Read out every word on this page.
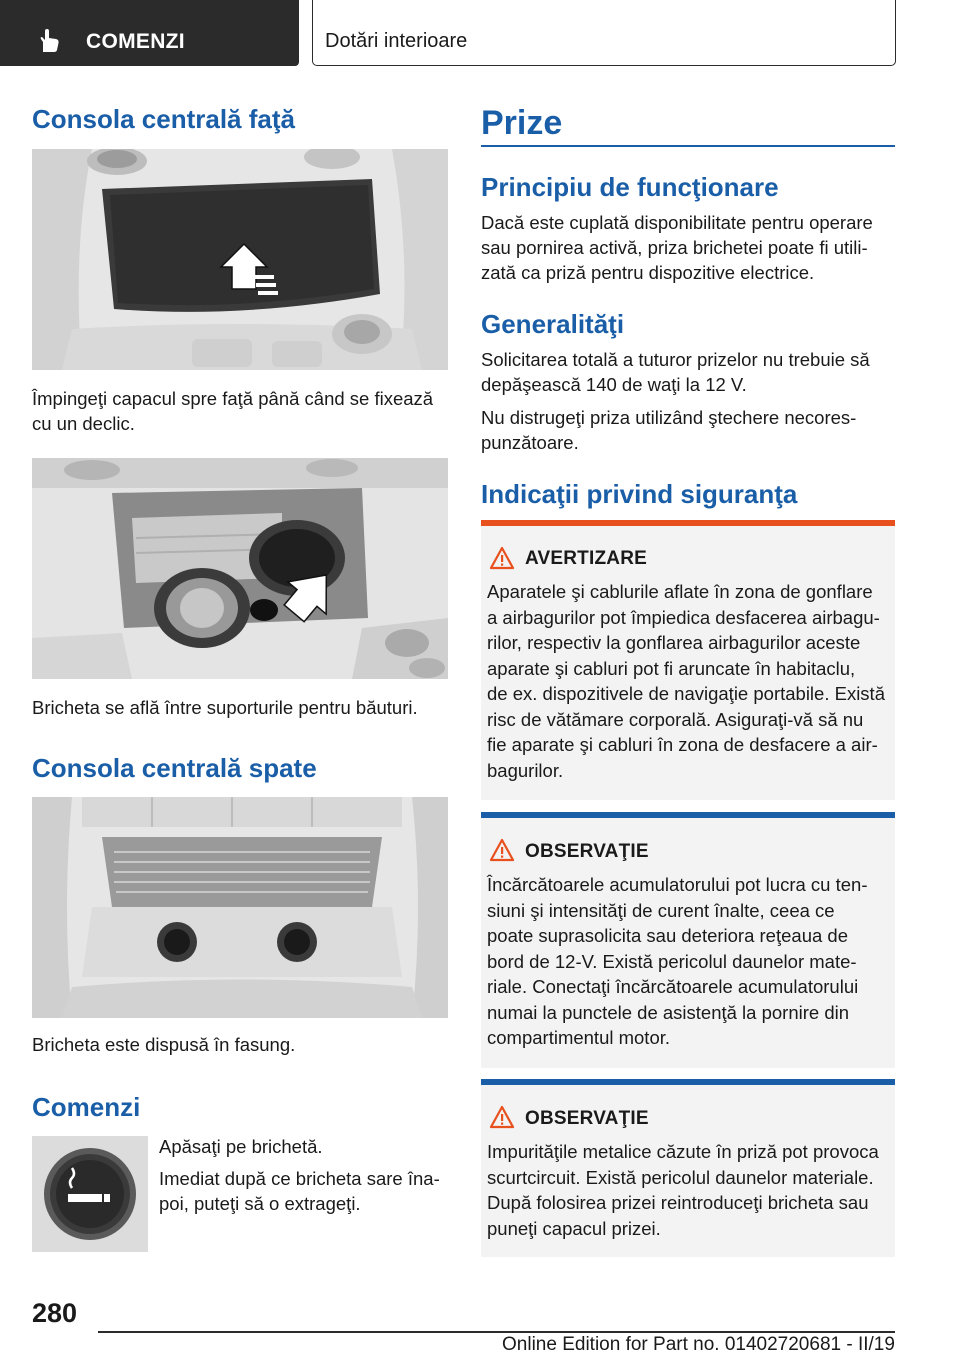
COMENZI	Dotări interioare
Consola centrală faţă
Împingeţi capacul spre faţă până când se fixează
cu un declic.
Bricheta se află între suporturile pentru băuturi.
Consola centrală spate
Bricheta este dispusă în fasung.
Comenzi
Apăsaţi pe brichetă.
Imediat după ce bricheta sare îna‐
poi, puteţi să o extrageţi.
Prize
Principiu de funcţionare
Dacă este cuplată disponibilitate pentru operare
sau pornirea activă, priza brichetei poate fi utili‐
zată ca priză pentru dispozitive electrice.
Generalităţi
Solicitarea totală a tuturor prizelor nu trebuie să
depăşească 140 de waţi la 12 V.
Nu distrugeţi priza utilizând ştechere necores‐
punzătoare.
Indicaţii privind siguranţa
AVERTIZARE
Aparatele şi cablurile aflate în zona de gonflare
a airbagurilor pot împiedica desfacerea airbagu‐
rilor, respectiv la gonflarea airbagurilor aceste
aparate şi cabluri pot fi aruncate în habitaclu,
de ex. dispozitivele de navigaţie portabile. Există
risc de vătămare corporală. Asiguraţi-vă să nu
fie aparate şi cabluri în zona de desfacere a air‐
bagurilor.
OBSERVAŢIE
Încărcătoarele acumulatorului pot lucra cu ten‐
siuni şi intensităţi de curent înalte, ceea ce
poate suprasolicita sau deteriora reţeaua de
bord de 12-V. Există pericolul daunelor mate‐
riale. Conectaţi încărcătoarele acumulatorului
numai la punctele de asistenţă la pornire din
compartimentul motor.
OBSERVAŢIE
Impurităţile metalice căzute în priză pot provoca
scurtcircuit. Există pericolul daunelor materiale.
După folosirea prizei reintroduceţi bricheta sau
puneţi capacul prizei.
280
Online Edition for Part no. 01402720681 - II/19
